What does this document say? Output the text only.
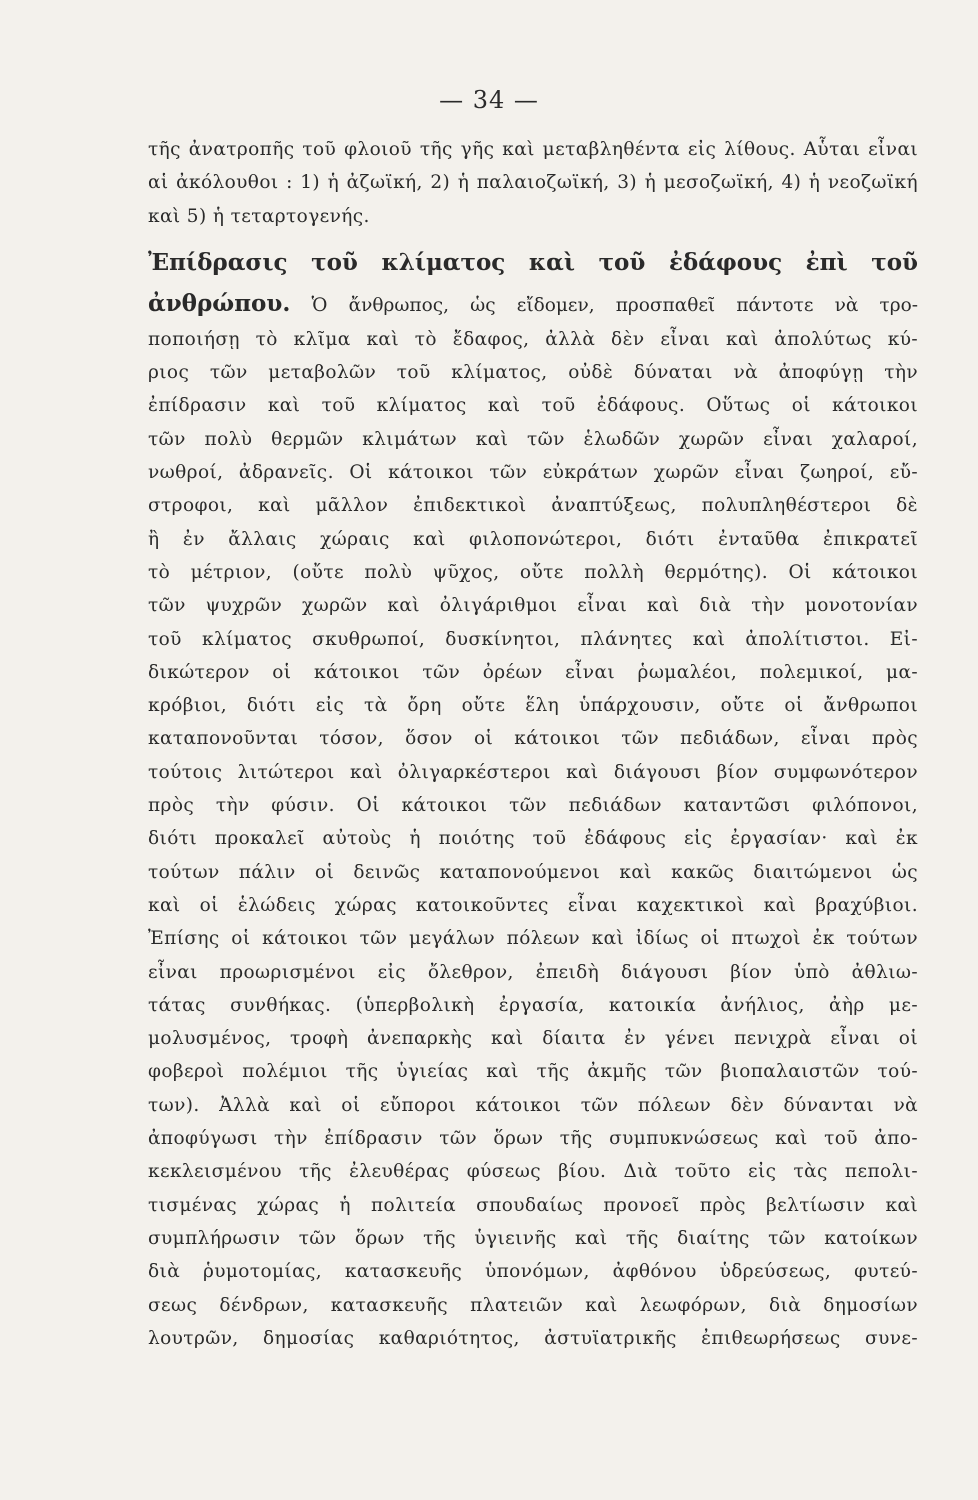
— 34 —
τῆς ἀνατροπῆς τοῦ φλοιοῦ τῆς γῆς καὶ μεταβληθέντα εἰς λίθους. Αὗται εἶναι
αἱ ἀκόλουθοι : 1) ἡ ἀζωϊκή, 2) ἡ παλαιοζωϊκή, 3) ἡ μεσοζωϊκή, 4) ἡ νεοζωϊκή
καὶ 5) ἡ τεταρτογενής.
Ἐπίδρασις τοῦ κλίματος καὶ τοῦ ἐδάφους ἐπὶ τοῦ
ἀνθρώπου. Ὁ ἄνθρωπος, ὡς εἴδομεν, προσπαθεῖ πάντοτε νὰ τρο-
ποποιήσῃ τὸ κλῖμα καὶ τὸ ἔδαφος, ἀλλὰ δὲν εἶναι καὶ ἀπολύτως κύ-
ριος τῶν μεταβολῶν τοῦ κλίματος, οὐδὲ δύναται νὰ ἀποφύγῃ τὴν
ἐπίδρασιν καὶ τοῦ κλίματος καὶ τοῦ ἐδάφους. Οὕτως οἱ κάτοικοι
τῶν πολὺ θερμῶν κλιμάτων καὶ τῶν ἑλωδῶν χωρῶν εἶναι χαλαροί,
νωθροί, ἀδρανεῖς. Οἱ κάτοικοι τῶν εὐκράτων χωρῶν εἶναι ζωηροί, εὔ-
στροφοι, καὶ μᾶλλον ἐπιδεκτικοὶ ἀναπτύξεως, πολυπληθέστεροι δὲ
ἢ ἐν ἄλλαις χώραις καὶ φιλοπονώτεροι, διότι ἐνταῦθα ἐπικρατεῖ
τὸ μέτριον, (οὔτε πολὺ ψῦχος, οὔτε πολλὴ θερμότης). Οἱ κάτοικοι
τῶν ψυχρῶν χωρῶν καὶ ὀλιγάριθμοι εἶναι καὶ διὰ τὴν μονοτονίαν
τοῦ κλίματος σκυθρωποί, δυσκίνητοι, πλάνητες καὶ ἀπολίτιστοι. Εἰ-
δικώτερον οἱ κάτοικοι τῶν ὀρέων εἶναι ῥωμαλέοι, πολεμικοί, μα-
κρόβιοι, διότι εἰς τὰ ὄρη οὔτε ἕλη ὑπάρχουσιν, οὔτε οἱ ἄνθρωποι
καταπονοῦνται τόσον, ὅσον οἱ κάτοικοι τῶν πεδιάδων, εἶναι πρὸς
τούτοις λιτώτεροι καὶ ὀλιγαρκέστεροι καὶ διάγουσι βίον συμφωνότερον
πρὸς τὴν φύσιν. Οἱ κάτοικοι τῶν πεδιάδων καταντῶσι φιλόπονοι,
διότι προκαλεῖ αὐτοὺς ἡ ποιότης τοῦ ἐδάφους εἰς ἐργασίαν· καὶ ἐκ
τούτων πάλιν οἱ δεινῶς καταπονούμενοι καὶ κακῶς διαιτώμενοι ὡς
καὶ οἱ ἑλώδεις χώρας κατοικοῦντες εἶναι καχεκτικοὶ καὶ βραχύβιοι.
Ἐπίσης οἱ κάτοικοι τῶν μεγάλων πόλεων καὶ ἰδίως οἱ πτωχοὶ ἐκ τούτων
εἶναι προωρισμένοι εἰς ὄλεθρον, ἐπειδὴ διάγουσι βίον ὑπὸ ἀθλιω-
τάτας συνθήκας. (ὑπερβολικὴ ἐργασία, κατοικία ἀνήλιος, ἀὴρ με-
μολυσμένος, τροφὴ ἀνεπαρκὴς καὶ δίαιτα ἐν γένει πενιχρὰ εἶναι οἱ
φοβεροὶ πολέμιοι τῆς ὑγιείας καὶ τῆς ἀκμῆς τῶν βιοπαλαιστῶν τού-
των). Ἀλλὰ καὶ οἱ εὔποροι κάτοικοι τῶν πόλεων δὲν δύνανται νὰ
ἀποφύγωσι τὴν ἐπίδρασιν τῶν ὅρων τῆς συμπυκνώσεως καὶ τοῦ ἀπο-
κεκλεισμένου τῆς ἐλευθέρας φύσεως βίου. Διὰ τοῦτο εἰς τὰς πεπολι-
τισμένας χώρας ἡ πολιτεία σπουδαίως προνοεῖ πρὸς βελτίωσιν καὶ
συμπλήρωσιν τῶν ὅρων τῆς ὑγιεινῆς καὶ τῆς διαίτης τῶν κατοίκων
διὰ ῥυμοτομίας, κατασκευῆς ὑπονόμων, ἀφθόνου ὑδρεύσεως, φυτεύ-
σεως δένδρων, κατασκευῆς πλατειῶν καὶ λεωφόρων, διὰ δημοσίων
λουτρῶν, δημοσίας καθαριότητος, ἀστυϊατρικῆς ἐπιθεωρήσεως συνε-
